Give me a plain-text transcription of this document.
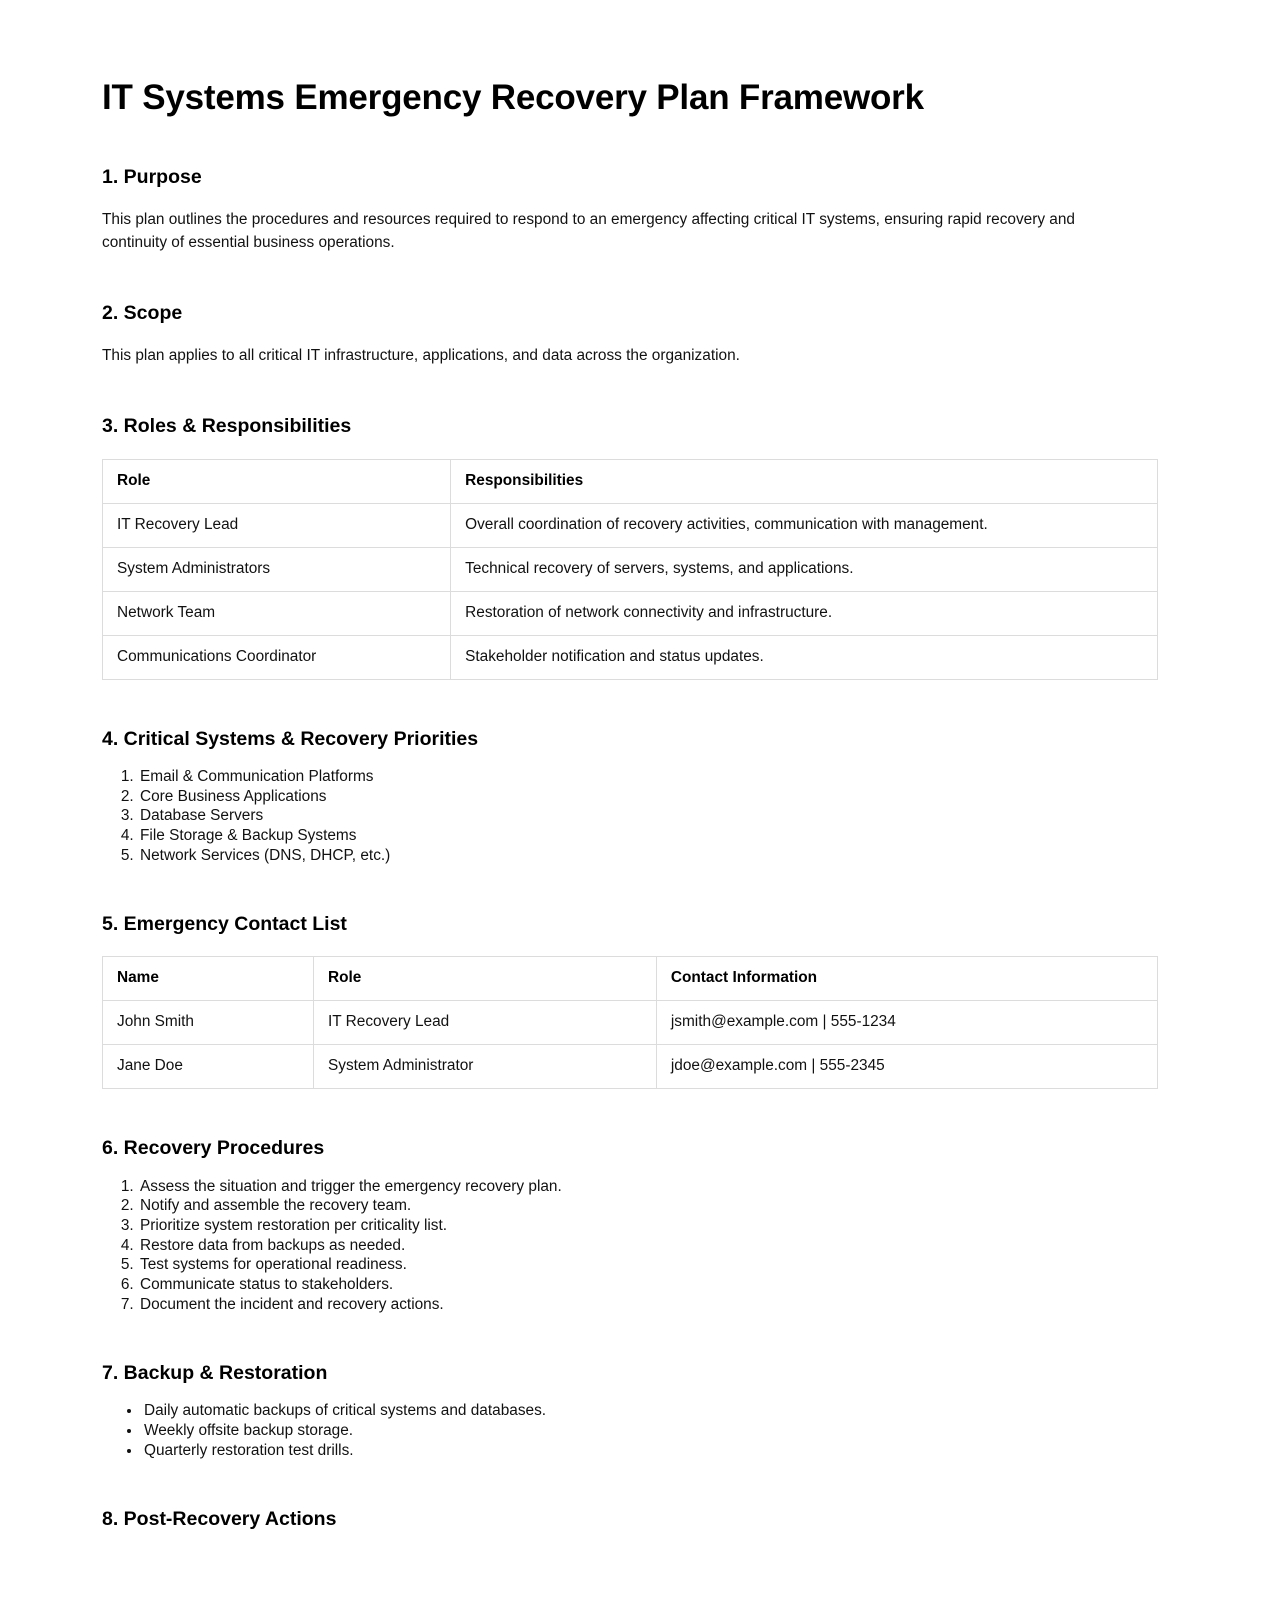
IT Systems Emergency Recovery Plan Framework
1. Purpose

This plan outlines the procedures and resources required to respond to an emergency affecting critical IT systems, ensuring rapid recovery and continuity of essential business operations.

2. Scope

This plan applies to all critical IT infrastructure, applications, and data across the organization.

3. Roles & Responsibilities
Role	Responsibilities
IT Recovery Lead	Overall coordination of recovery activities, communication with management.
System Administrators	Technical recovery of servers, systems, and applications.
Network Team	Restoration of network connectivity and infrastructure.
Communications Coordinator	Stakeholder notification and status updates.
4. Critical Systems & Recovery Priorities
1. Email & Communication Platforms
2. Core Business Applications
3. Database Servers
4. File Storage & Backup Systems
5. Network Services (DNS, DHCP, etc.)
5. Emergency Contact List
Name	Role	Contact Information
John Smith	IT Recovery Lead	jsmith@example.com | 555-1234
Jane Doe	System Administrator	jdoe@example.com | 555-2345
6. Recovery Procedures
1. Assess the situation and trigger the emergency recovery plan.
2. Notify and assemble the recovery team.
3. Prioritize system restoration per criticality list.
4. Restore data from backups as needed.
5. Test systems for operational readiness.
6. Communicate status to stakeholders.
7. Document the incident and recovery actions.
7. Backup & Restoration
• Daily automatic backups of critical systems and databases.
• Weekly offsite backup storage.
• Quarterly restoration test drills.
8. Post-Recovery Actions
